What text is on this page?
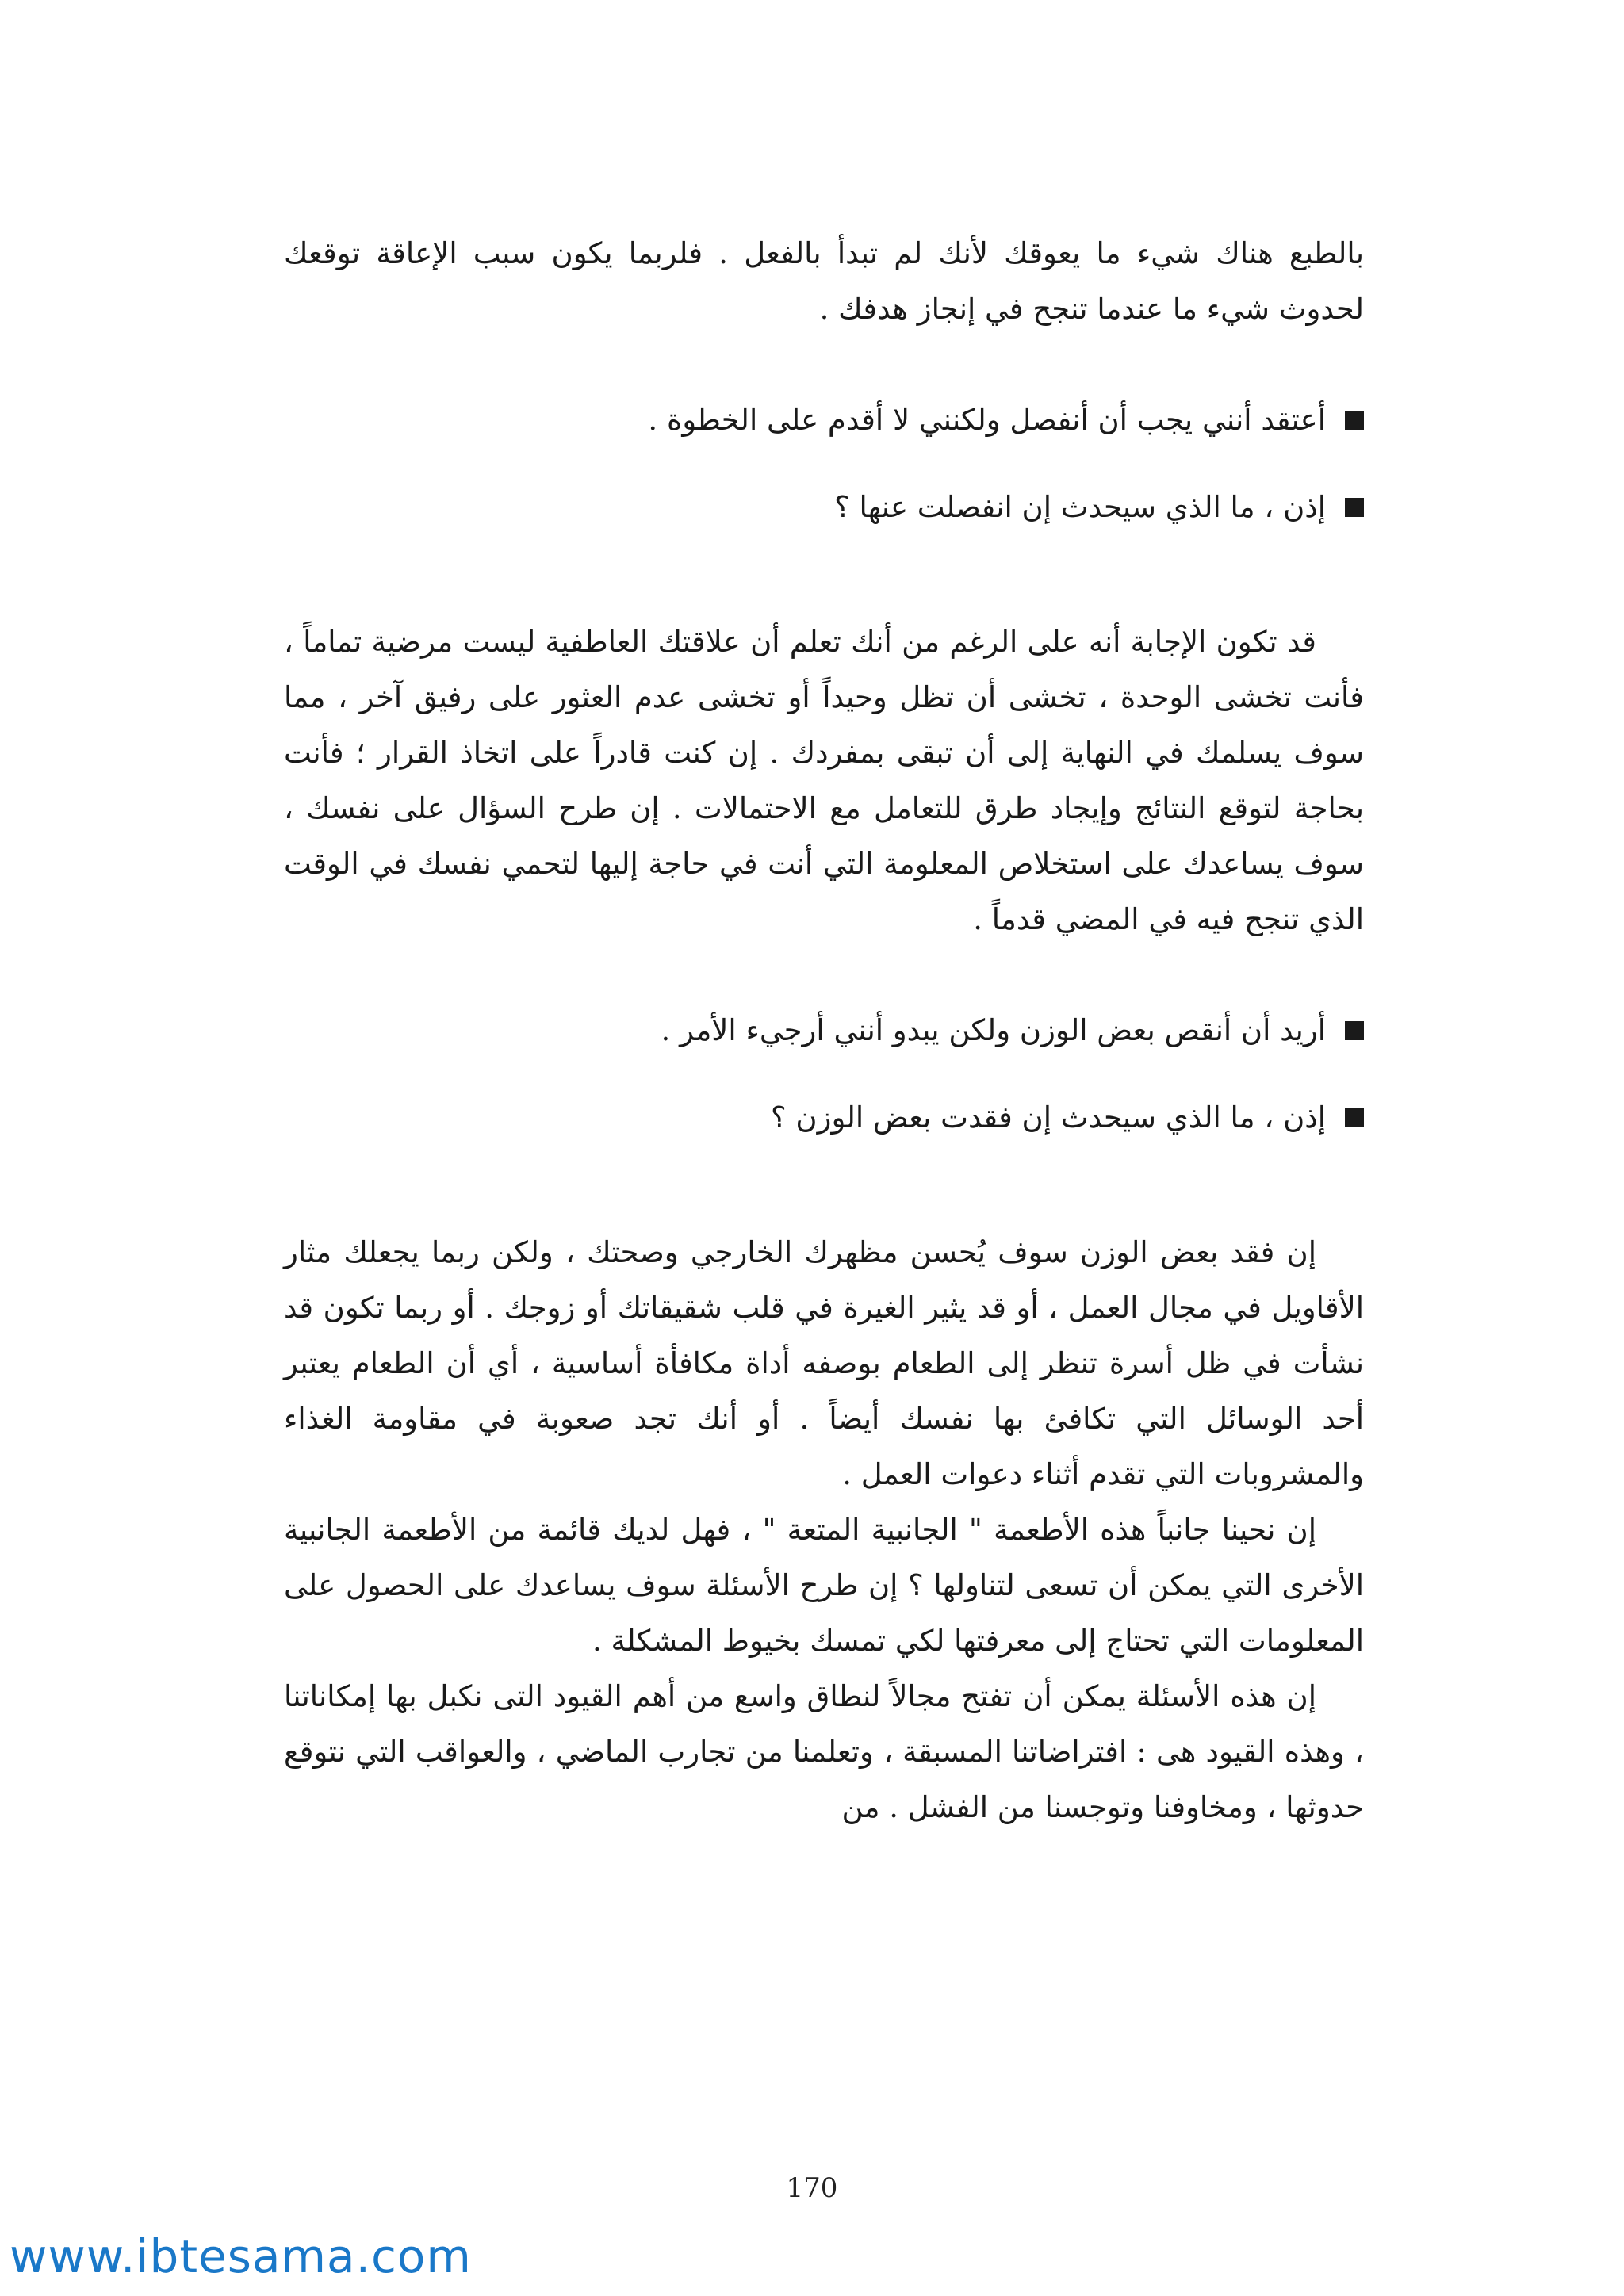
بالطبع هناك شيء ما يعوقك لأنك لم تبدأ بالفعل . فلربما يكون سبب الإعاقة توقعك لحدوث شيء ما عندما تنجح في إنجاز هدفك .

أعتقد أنني يجب أن أنفصل ولكنني لا أقدم على الخطوة .
إذن ، ما الذي سيحدث إن انفصلت عنها ؟

قد تكون الإجابة أنه على الرغم من أنك تعلم أن علاقتك العاطفية ليست مرضية تماماً ، فأنت تخشى الوحدة ، تخشى أن تظل وحيداً أو تخشى عدم العثور على رفيق آخر ، مما سوف يسلمك في النهاية إلى أن تبقى بمفردك . إن كنت قادراً على اتخاذ القرار ؛ فأنت بحاجة لتوقع النتائج وإيجاد طرق للتعامل مع الاحتمالات . إن طرح السؤال على نفسك ، سوف يساعدك على استخلاص المعلومة التي أنت في حاجة إليها لتحمي نفسك في الوقت الذي تنجح فيه في المضي قدماً .

أريد أن أنقص بعض الوزن ولكن يبدو أنني أرجيء الأمر .
إذن ، ما الذي سيحدث إن فقدت بعض الوزن ؟

إن فقد بعض الوزن سوف يُحسن مظهرك الخارجي وصحتك ، ولكن ربما يجعلك مثار الأقاويل في مجال العمل ، أو قد يثير الغيرة في قلب شقيقاتك أو زوجك . أو ربما تكون قد نشأت في ظل أسرة تنظر إلى الطعام بوصفه أداة مكافأة أساسية ، أي أن الطعام يعتبر أحد الوسائل التي تكافئ بها نفسك أيضاً . أو أنك تجد صعوبة في مقاومة الغذاء والمشروبات التي تقدم أثناء دعوات العمل .

إن نحينا جانباً هذه الأطعمة " الجانبية المتعة " ، فهل لديك قائمة من الأطعمة الجانبية الأخرى التي يمكن أن تسعى لتناولها ؟ إن طرح الأسئلة سوف يساعدك على الحصول على المعلومات التي تحتاج إلى معرفتها لكي تمسك بخيوط المشكلة .

إن هذه الأسئلة يمكن أن تفتح مجالاً لنطاق واسع من أهم القيود التى نكبل بها إمكاناتنا ، وهذه القيود هى : افتراضاتنا المسبقة ، وتعلمنا من تجارب الماضي ، والعواقب التي نتوقع حدوثها ، ومخاوفنا وتوجسنا من الفشل . من

170
www.ibtesama.com
